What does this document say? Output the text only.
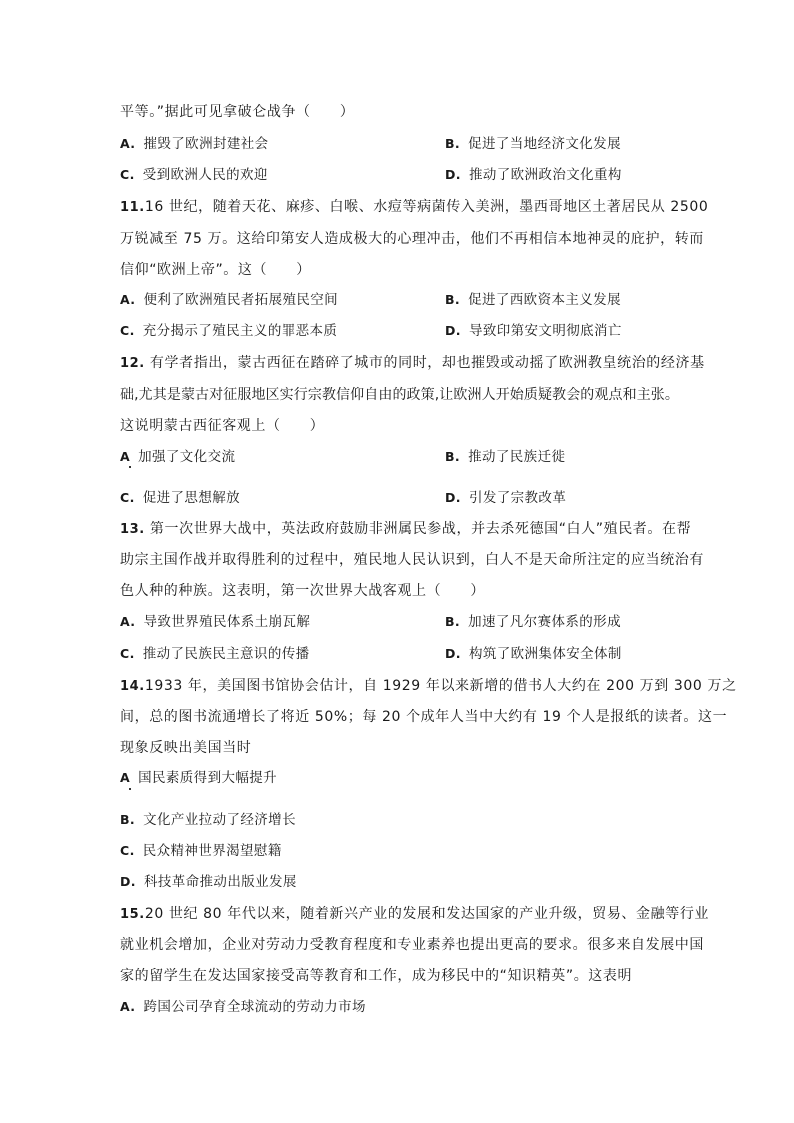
平等。”据此可见拿破仑战争（　　）
A. 摧毁了欧洲封建社会	B. 促进了当地经济文化发展
C. 受到欧洲人民的欢迎	D. 推动了欧洲政治文化重构
11.16 世纪，随着天花、麻疹、白喉、水痘等病菌传入美洲，墨西哥地区土著居民从 2500
万锐减至 75 万。这给印第安人造成极大的心理冲击，他们不再相信本地神灵的庇护，转而
信仰“欧洲上帝”。这（　　）
A. 便利了欧洲殖民者拓展殖民空间	B. 促进了西欧资本主义发展
C. 充分揭示了殖民主义的罪恶本质	D. 导致印第安文明彻底消亡
12. 有学者指出，蒙古西征在踏碎了城市的同时，却也摧毁或动摇了欧洲教皇统治的经济基
础,尤其是蒙古对征服地区实行宗教信仰自由的政策,让欧洲人开始质疑教会的观点和主张。
这说明蒙古西征客观上（　　）
A 加强了文化交流	B. 推动了民族迁徙
C. 促进了思想解放	D. 引发了宗教改革
13. 第一次世界大战中，英法政府鼓励非洲属民参战，并去杀死德国“白人”殖民者。在帮
助宗主国作战并取得胜利的过程中，殖民地人民认识到，白人不是天命所注定的应当统治有
色人种的种族。这表明，第一次世界大战客观上（　　）
A. 导致世界殖民体系土崩瓦解	B. 加速了凡尔赛体系的形成
C. 推动了民族民主意识的传播	D. 构筑了欧洲集体安全体制
14.1933 年，美国图书馆协会估计，自 1929 年以来新增的借书人大约在 200 万到 300 万之
间，总的图书流通增长了将近 50%；每 20 个成年人当中大约有 19 个人是报纸的读者。这一
现象反映出美国当时
A 国民素质得到大幅提升
B. 文化产业拉动了经济增长
C. 民众精神世界渴望慰籍
D. 科技革命推动出版业发展
15.20 世纪 80 年代以来，随着新兴产业的发展和发达国家的产业升级，贸易、金融等行业
就业机会增加，企业对劳动力受教育程度和专业素养也提出更高的要求。很多来自发展中国
家的留学生在发达国家接受高等教育和工作，成为移民中的“知识精英”。这表明
A. 跨国公司孕育全球流动的劳动力市场
